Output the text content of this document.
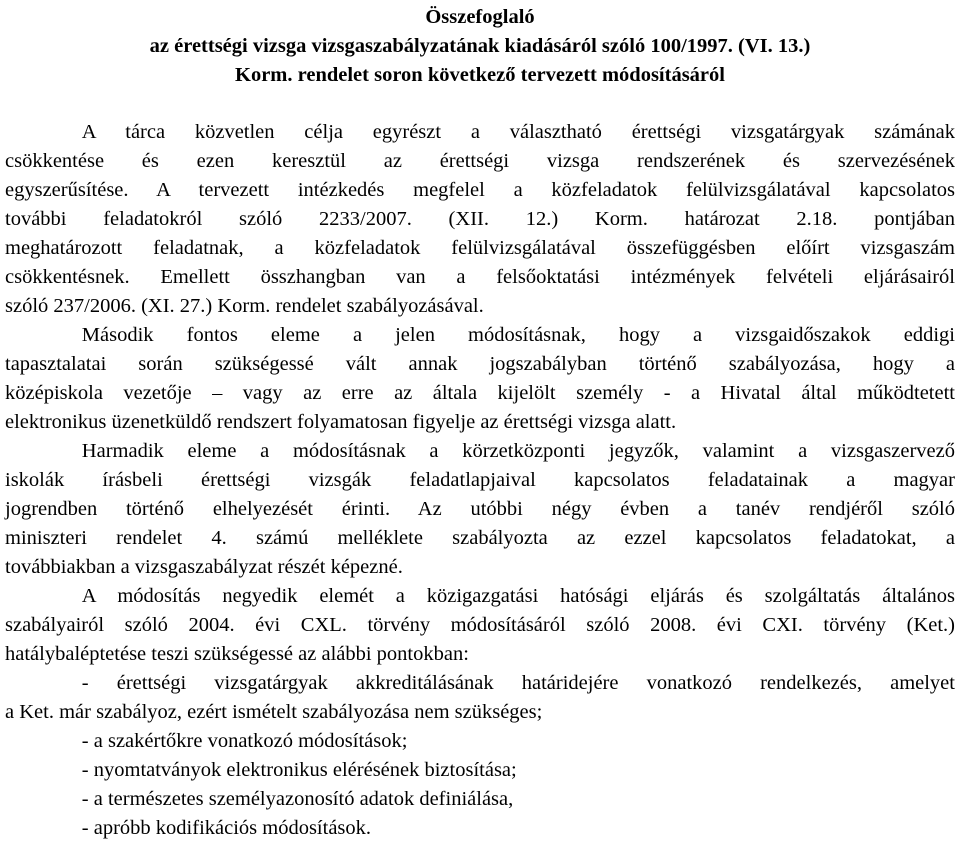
Összefoglaló
az érettségi vizsga vizsgaszabályzatának kiadásáról szóló 100/1997. (VI. 13.)
Korm. rendelet soron következő tervezett módosításáról
A tárca közvetlen célja egyrészt a választható érettségi vizsgatárgyak számának
csökkentése és ezen keresztül az érettségi vizsga rendszerének és szervezésének
egyszerűsítése. A tervezett intézkedés megfelel a közfeladatok felülvizsgálatával kapcsolatos
további feladatokról szóló 2233/2007. (XII. 12.) Korm. határozat 2.18. pontjában
meghatározott feladatnak, a közfeladatok felülvizsgálatával összefüggésben előírt vizsgaszám
csökkentésnek. Emellett összhangban van a felsőoktatási intézmények felvételi eljárásairól
szóló 237/2006. (XI. 27.) Korm. rendelet szabályozásával.
Második fontos eleme a jelen módosításnak, hogy a vizsgaidőszakok eddigi
tapasztalatai során szükségessé vált annak jogszabályban történő szabályozása, hogy a
középiskola vezetője – vagy az erre az általa kijelölt személy - a Hivatal által működtetett
elektronikus üzenetküldő rendszert folyamatosan figyelje az érettségi vizsga alatt.
Harmadik eleme a módosításnak a körzetközponti jegyzők, valamint a vizsgaszervező
iskolák írásbeli érettségi vizsgák feladatlapjaival kapcsolatos feladatainak a magyar
jogrendben történő elhelyezését érinti. Az utóbbi négy évben a tanév rendjéről szóló
miniszteri rendelet 4. számú melléklete szabályozta az ezzel kapcsolatos feladatokat, a
továbbiakban a vizsgaszabályzat részét képezné.
A módosítás negyedik elemét a közigazgatási hatósági eljárás és szolgáltatás általános
szabályairól szóló 2004. évi CXL. törvény módosításáról szóló 2008. évi CXI. törvény (Ket.)
hatálybaléptetése teszi szükségessé az alábbi pontokban:
- érettségi vizsgatárgyak akkreditálásának határidejére vonatkozó rendelkezés, amelyet
a Ket. már szabályoz, ezért ismételt szabályozása nem szükséges;
- a szakértőkre vonatkozó módosítások;
- nyomtatványok elektronikus elérésének biztosítása;
- a természetes személyazonosító adatok definiálása,
- apróbb kodifikációs módosítások.
